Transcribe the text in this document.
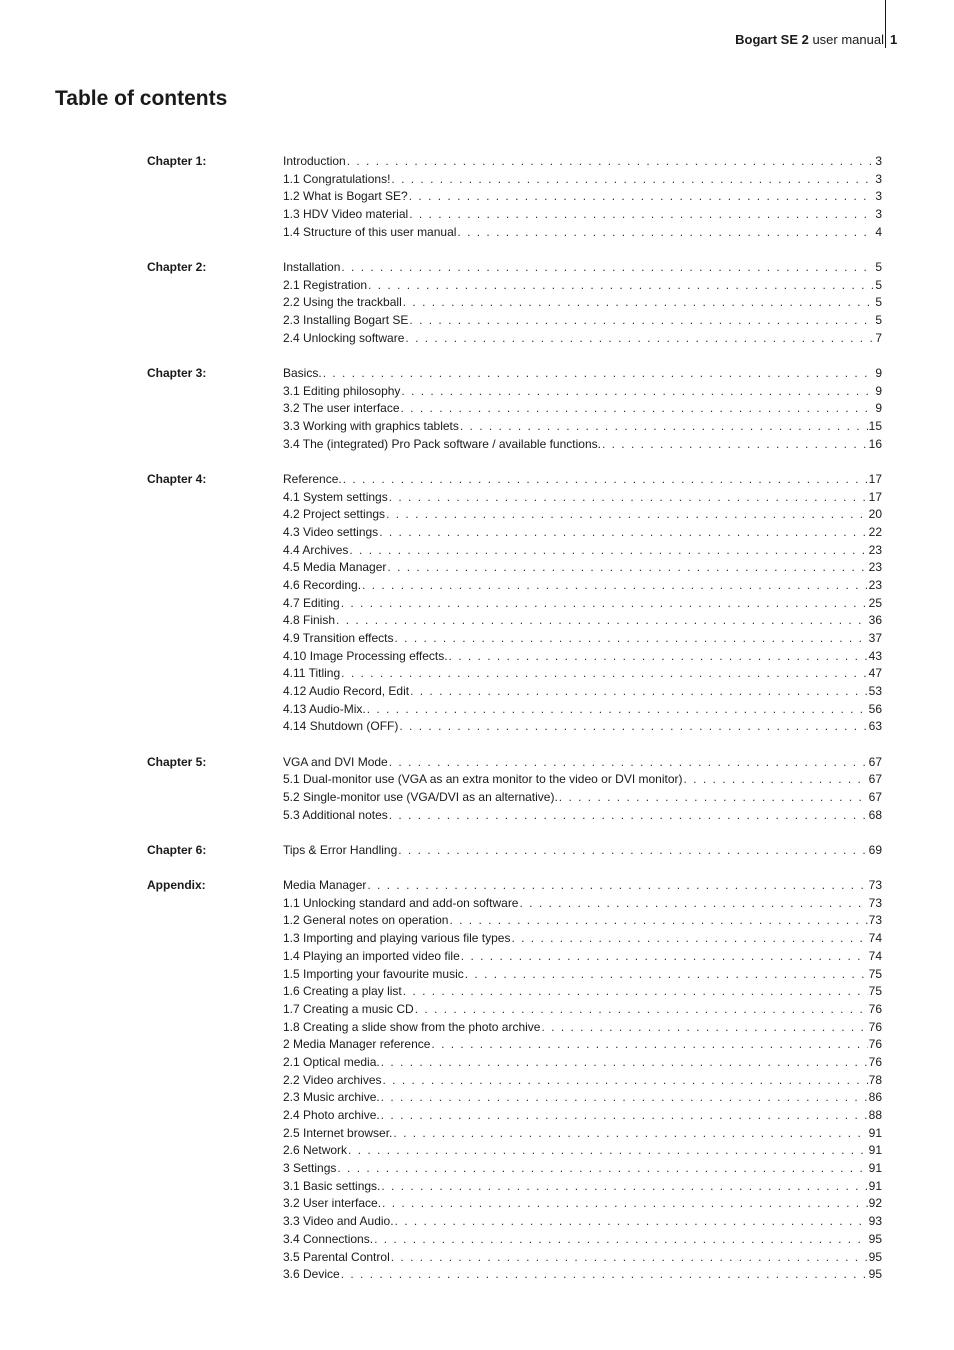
Bogart SE 2 user manual 1
Table of contents
Chapter 1:	Introduction . . .	3
1.1 Congratulations! . . .	3
1.2 What is Bogart SE? . . .	3
1.3 HDV Video material . . .	3
1.4 Structure of this user manual . . .	4
Chapter 2:	Installation . . .	5
2.1 Registration . . .	5
2.2 Using the trackball . . .	5
2.3 Installing Bogart SE . . .	5
2.4 Unlocking software . . .	7
Chapter 3:	Basics. . . .	9
3.1 Editing philosophy . . .	9
3.2 The user interface . . .	9
3.3 Working with graphics tablets . . .	15
3.4 The (integrated) Pro Pack software / available functions. . . .	16
Chapter 4:	Reference. . . .	17
4.1 System settings . . .	17
4.2 Project settings . . .	20
4.3 Video settings . . .	22
4.4 Archives . . .	23
4.5 Media Manager . . .	23
4.6 Recording. . . .	23
4.7 Editing . . .	25
4.8 Finish . . .	36
4.9 Transition effects . . .	37
4.10 Image Processing effects. . . .	43
4.11 Titling . . .	47
4.12 Audio Record, Edit . . .	53
4.13 Audio-Mix. . . .	56
4.14 Shutdown (OFF) . . .	63
Chapter 5:	VGA and DVI Mode . . .	67
5.1 Dual-monitor use (VGA as an extra monitor to the video or DVI monitor) . . .	67
5.2 Single-monitor use (VGA/DVI as an alternative). . . .	67
5.3 Additional notes . . .	68
Chapter 6:	Tips & Error Handling . . .	69
Appendix:	Media Manager . . .	73
1.1 Unlocking standard and add-on software . . .	73
1.2 General notes on operation . . .	73
1.3 Importing and playing various file types . . .	74
1.4 Playing an imported video file . . .	74
1.5 Importing your favourite music . . .	75
1.6 Creating a play list . . .	75
1.7 Creating a music CD . . .	76
1.8 Creating a slide show from the photo archive . . .	76
2 Media Manager reference . . .	76
2.1 Optical media. . . .	76
2.2 Video archives . . .	78
2.3 Music archive. . . .	86
2.4 Photo archive. . . .	88
2.5 Internet browser. . . .	91
2.6 Network . . .	91
3 Settings . . .	91
3.1 Basic settings. . . .	91
3.2 User interface. . . .	92
3.3 Video and Audio. . . .	93
3.4 Connections. . . .	95
3.5 Parental Control . . .	95
3.6 Device . . .	95
